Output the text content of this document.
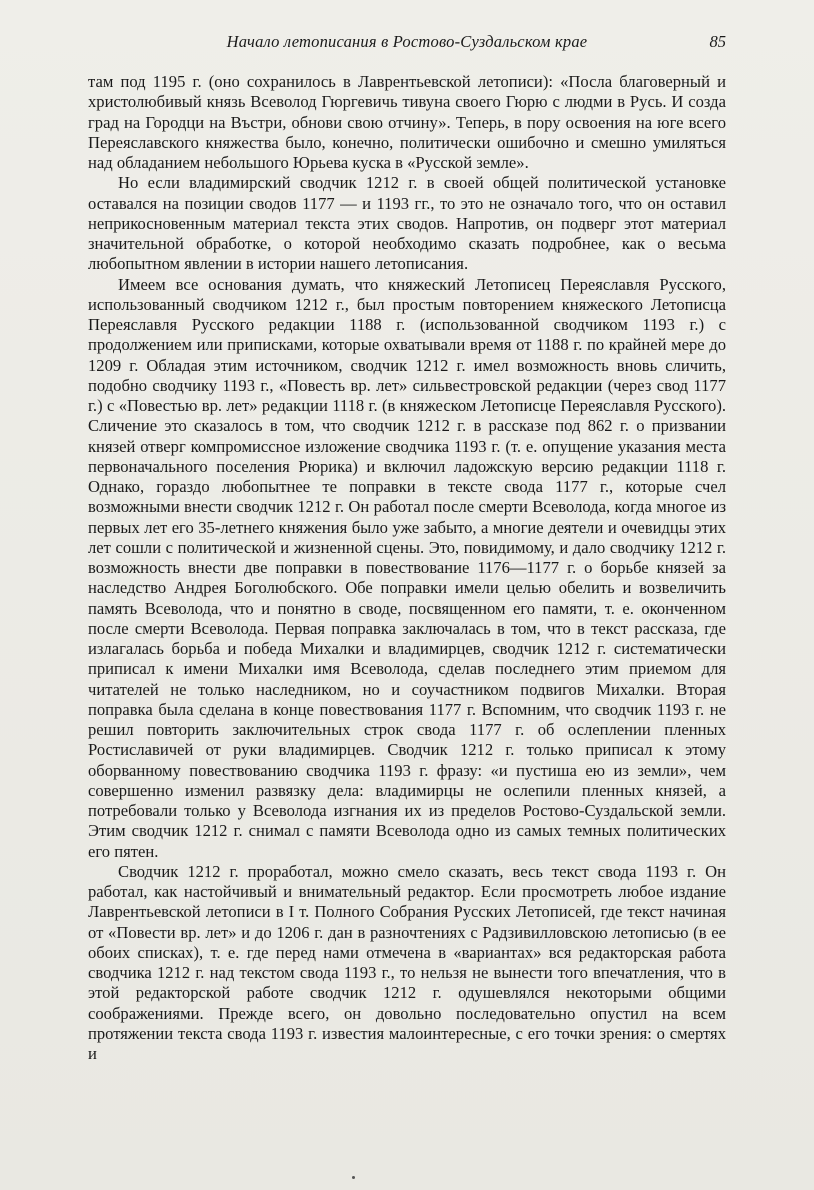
Начало летописания в Ростово-Суздальском крае	85

там под 1195 г. (оно сохранилось в Лаврентьевской летописи): «Посла благоверный и христолюбивый князь Всеволод Гюргевичь тивуна своего Гюрю с людми в Русь. И созда град на Городци на Въстри, обнови свою отчину». Теперь, в пору освоения на юге всего Переяславского княжества было, конечно, политически ошибочно и смешно умиляться над обладанием небольшого Юрьева куска в «Русской земле».

Но если владимирский сводчик 1212 г. в своей общей политической установке оставался на позиции сводов 1177 — и 1193 гг., то это не означало того, что он оставил неприкосновенным материал текста этих сводов. Напротив, он подверг этот материал значительной обработке, о которой необходимо сказать подробнее, как о весьма любопытном явлении в истории нашего летописания.

Имеем все основания думать, что княжеский Летописец Переяславля Русского, использованный сводчиком 1212 г., был простым повторением княжеского Летописца Переяславля Русского редакции 1188 г. (использованной сводчиком 1193 г.) с продолжением или приписками, которые охватывали время от 1188 г. по крайней мере до 1209 г. Обладая этим источником, сводчик 1212 г. имел возможность вновь сличить, подобно сводчику 1193 г., «Повесть вр. лет» сильвестровской редакции (через свод 1177 г.) с «Повестью вр. лет» редакции 1118 г. (в княжеском Летописце Переяславля Русского). Сличение это сказалось в том, что сводчик 1212 г. в рассказе под 862 г. о призвании князей отверг компромиссное изложение сводчика 1193 г. (т. е. опущение указания места первоначального поселения Рюрика) и включил ладожскую версию редакции 1118 г. Однако, гораздо любопытнее те поправки в тексте свода 1177 г., которые счел возможными внести сводчик 1212 г. Он работал после смерти Всеволода, когда многое из первых лет его 35-летнего княжения было уже забыто, а многие деятели и очевидцы этих лет сошли с политической и жизненной сцены. Это, повидимому, и дало сводчику 1212 г. возможность внести две поправки в повествование 1176—1177 г. о борьбе князей за наследство Андрея Боголюбского. Обе поправки имели целью обелить и возвеличить память Всеволода, что и понятно в своде, посвященном его памяти, т. е. оконченном после смерти Всеволода. Первая поправка заключалась в том, что в текст рассказа, где излагалась борьба и победа Михалки и владимирцев, сводчик 1212 г. систематически приписал к имени Михалки имя Всеволода, сделав последнего этим приемом для читателей не только наследником, но и соучастником подвигов Михалки. Вторая поправка была сделана в конце повествования 1177 г. Вспомним, что сводчик 1193 г. не решил повторить заключительных строк свода 1177 г. об ослеплении пленных Ростиславичей от руки владимирцев. Сводчик 1212 г. только приписал к этому оборванному повествованию сводчика 1193 г. фразу: «и пустиша ею из земли», чем совершенно изменил развязку дела: владимирцы не ослепили пленных князей, а потребовали только у Всеволода изгнания их из пределов Ростово-Суздальской земли. Этим сводчик 1212 г. снимал с памяти Всеволода одно из самых темных политических его пятен.

Сводчик 1212 г. проработал, можно смело сказать, весь текст свода 1193 г. Он работал, как настойчивый и внимательный редактор. Если просмотреть любое издание Лаврентьевской летописи в I т. Полного Собрания Русских Летописей, где текст начиная от «Повести вр. лет» и до 1206 г. дан в разночтениях с Радзивилловскою летописью (в ее обоих списках), т. е. где перед нами отмечена в «вариантах» вся редакторская работа сводчика 1212 г. над текстом свода 1193 г., то нельзя не вынести того впечатления, что в этой редакторской работе сводчик 1212 г. одушевлялся некоторыми общими соображениями. Прежде всего, он довольно последовательно опустил на всем протяжении текста свода 1193 г. известия малоинтересные, с его точки зрения: о смертях и
